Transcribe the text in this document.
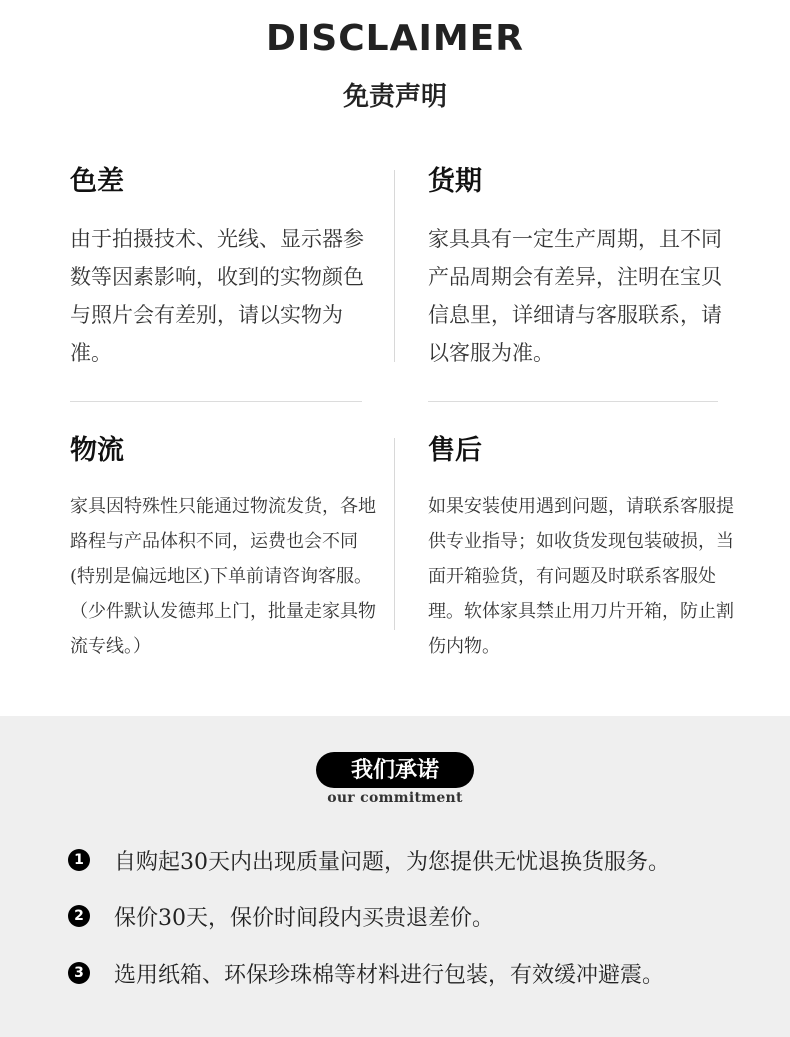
DISCLAIMER
免责声明
色差

由于拍摄技术、光线、显示器参数等因素影响，收到的实物颜色与照片会有差别，请以实物为准。

货期

家具具有一定生产周期，且不同产品周期会有差异，注明在宝贝信息里，详细请与客服联系，请以客服为准。

物流

家具因特殊性只能通过物流发货，各地路程与产品体积不同，运费也会不同(特别是偏远地区)下单前请咨询客服。（少件默认发德邦上门，批量走家具物流专线。）

售后

如果安装使用遇到问题，请联系客服提供专业指导；如收货发现包装破损，当面开箱验货，有问题及时联系客服处理。软体家具禁止用刀片开箱，防止割伤内物。

我们承诺
our commitment
1 自购起30天内出现质量问题，为您提供无忧退换货服务。
2 保价30天，保价时间段内买贵退差价。
3 选用纸箱、环保珍珠棉等材料进行包装，有效缓冲避震。
